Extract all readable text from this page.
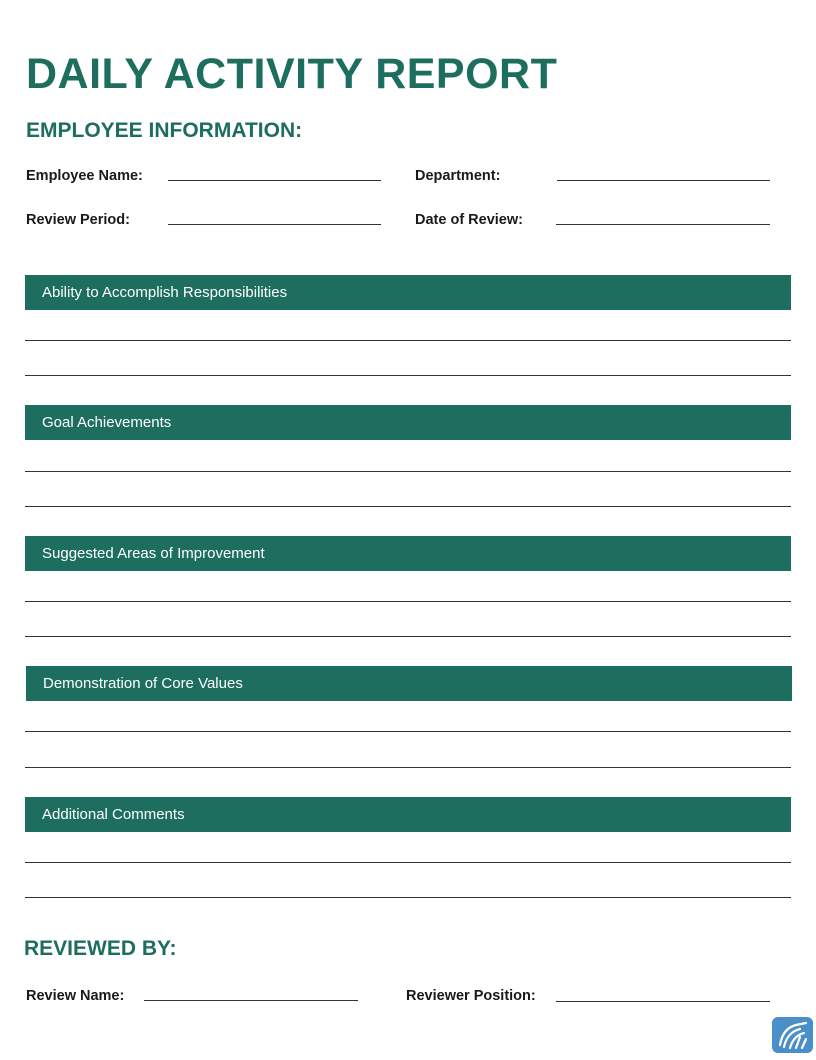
DAILY ACTIVITY REPORT
EMPLOYEE INFORMATION:
Employee Name:	Department:
Review Period:	Date of Review:
Ability to Accomplish Responsibilities
Goal Achievements
Suggested Areas of Improvement
Demonstration of Core Values
Additional Comments
REVIEWED BY:
Review Name:	Reviewer Position:
